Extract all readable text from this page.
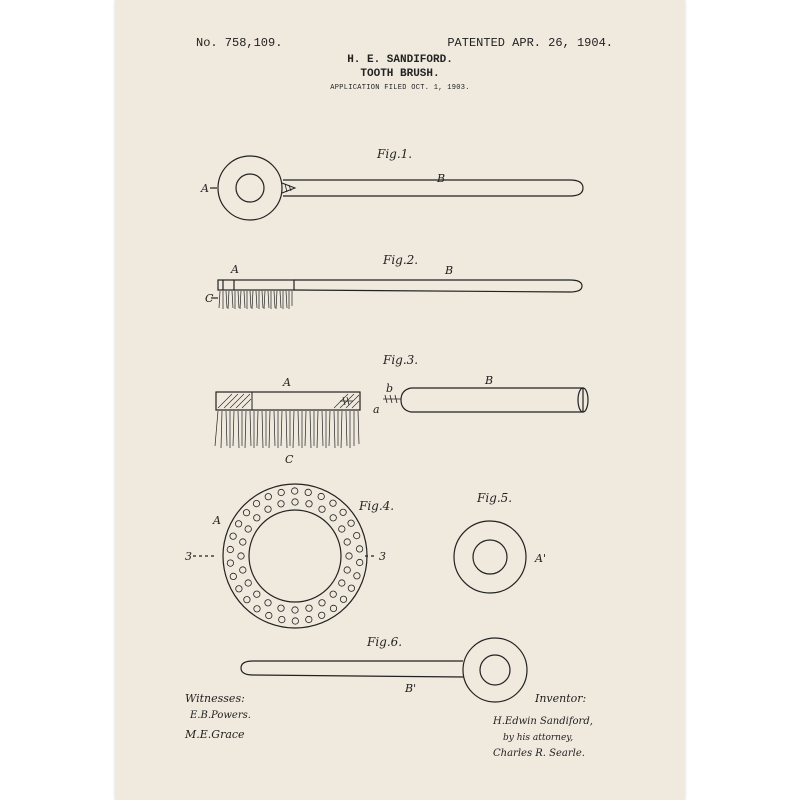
No. 758,109.	PATENTED APR. 26, 1904.
H. E. SANDIFORD.
TOOTH BRUSH.
APPLICATION FILED OCT. 1, 1903.
Fig.1.
Fig.2.
Fig.3.
Fig.4.
Fig.5.
Fig.6.
A
B
A	B
C
A	B
b
a
C
A
3	3	A'
B'
Witnesses:
E.B.Powers.
M.E.Grace
Inventor:
H.Edwin Sandiford,
by his attorney,
Charles R. Searle.
